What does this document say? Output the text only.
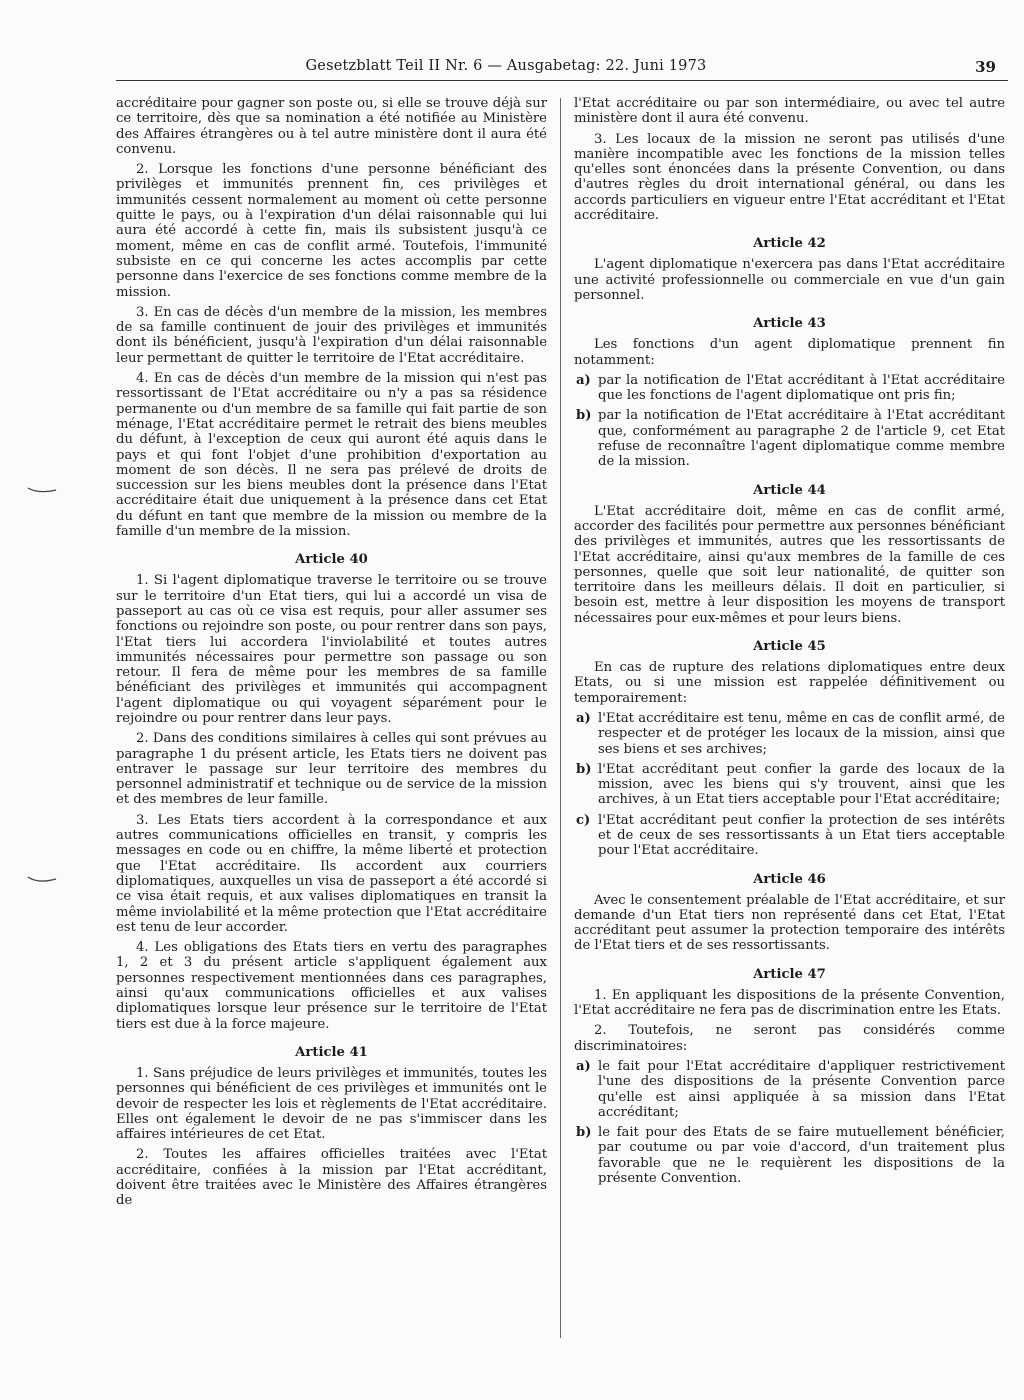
Gesetzblatt Teil II Nr. 6 — Ausgabetag: 22. Juni 1973	39

accréditaire pour gagner son poste ou, si elle se trouve déjà sur ce territoire, dès que sa nomination a été notifiée au Ministère des Affaires étrangères ou à tel autre ministère dont il aura été convenu.

2. Lorsque les fonctions d'une personne bénéficiant des privilèges et immunités prennent fin, ces privilèges et immunités cessent normalement au moment où cette personne quitte le pays, ou à l'expiration d'un délai raisonnable qui lui aura été accordé à cette fin, mais ils subsistent jusqu'à ce moment, même en cas de conflit armé. Toutefois, l'immunité subsiste en ce qui concerne les actes accomplis par cette personne dans l'exercice de ses fonctions comme membre de la mission.

3. En cas de décès d'un membre de la mission, les membres de sa famille continuent de jouir des privilèges et immunités dont ils bénéficient, jusqu'à l'expiration d'un délai raisonnable leur permettant de quitter le territoire de l'Etat accréditaire.

4. En cas de décès d'un membre de la mission qui n'est pas ressortissant de l'Etat accréditaire ou n'y a pas sa résidence permanente ou d'un membre de sa famille qui fait partie de son ménage, l'Etat accréditaire permet le retrait des biens meubles du défunt, à l'exception de ceux qui auront été aquis dans le pays et qui font l'objet d'une prohibition d'exportation au moment de son décès. Il ne sera pas prélevé de droits de succession sur les biens meubles dont la présence dans l'Etat accréditaire était due uniquement à la présence dans cet Etat du défunt en tant que membre de la mission ou membre de la famille d'un membre de la mission.

Article 40

1. Si l'agent diplomatique traverse le territoire ou se trouve sur le territoire d'un Etat tiers, qui lui a accordé un visa de passeport au cas où ce visa est requis, pour aller assumer ses fonctions ou rejoindre son poste, ou pour rentrer dans son pays, l'Etat tiers lui accordera l'inviolabilité et toutes autres immunités nécessaires pour permettre son passage ou son retour. Il fera de même pour les membres de sa famille bénéficiant des privilèges et immunités qui accompagnent l'agent diplomatique ou qui voyagent séparément pour le rejoindre ou pour rentrer dans leur pays.

2. Dans des conditions similaires à celles qui sont prévues au paragraphe 1 du présent article, les Etats tiers ne doivent pas entraver le passage sur leur territoire des membres du personnel administratif et technique ou de service de la mission et des membres de leur famille.

3. Les Etats tiers accordent à la correspondance et aux autres communications officielles en transit, y compris les messages en code ou en chiffre, la même liberté et protection que l'Etat accréditaire. Ils accordent aux courriers diplomatiques, auxquelles un visa de passeport a été accordé si ce visa était requis, et aux valises diplomatiques en transit la même inviolabilité et la même protection que l'Etat accréditaire est tenu de leur accorder.

4. Les obligations des Etats tiers en vertu des paragraphes 1, 2 et 3 du présent article s'appliquent également aux personnes respectivement mentionnées dans ces paragraphes, ainsi qu'aux communications officielles et aux valises diplomatiques lorsque leur présence sur le territoire de l'Etat tiers est due à la force majeure.

Article 41

1. Sans préjudice de leurs privilèges et immunités, toutes les personnes qui bénéficient de ces privilèges et immunités ont le devoir de respecter les lois et règlements de l'Etat accréditaire. Elles ont également le devoir de ne pas s'immiscer dans les affaires intérieures de cet Etat.

2. Toutes les affaires officielles traitées avec l'Etat accréditaire, confiées à la mission par l'Etat accréditant, doivent être traitées avec le Ministère des Affaires étrangères de

l'Etat accréditaire ou par son intermédiaire, ou avec tel autre ministère dont il aura été convenu.

3. Les locaux de la mission ne seront pas utilisés d'une manière incompatible avec les fonctions de la mission telles qu'elles sont énoncées dans la présente Convention, ou dans d'autres règles du droit international général, ou dans les accords particuliers en vigueur entre l'Etat accréditant et l'Etat accréditaire.

Article 42

L'agent diplomatique n'exercera pas dans l'Etat accréditaire une activité professionnelle ou commerciale en vue d'un gain personnel.

Article 43

Les fonctions d'un agent diplomatique prennent fin notamment:

a) par la notification de l'Etat accréditant à l'Etat accréditaire que les fonctions de l'agent diplomatique ont pris fin;
b) par la notification de l'Etat accréditaire à l'Etat accréditant que, conformément au paragraphe 2 de l'article 9, cet Etat refuse de reconnaître l'agent diplomatique comme membre de la mission.
Article 44

L'Etat accréditaire doit, même en cas de conflit armé, accorder des facilités pour permettre aux personnes bénéficiant des privilèges et immunités, autres que les ressortissants de l'Etat accréditaire, ainsi qu'aux membres de la famille de ces personnes, quelle que soit leur nationalité, de quitter son territoire dans les meilleurs délais. Il doit en particulier, si besoin est, mettre à leur disposition les moyens de transport nécessaires pour eux-mêmes et pour leurs biens.

Article 45

En cas de rupture des relations diplomatiques entre deux Etats, ou si une mission est rappelée définitivement ou temporairement:

a) l'Etat accréditaire est tenu, même en cas de conflit armé, de respecter et de protéger les locaux de la mission, ainsi que ses biens et ses archives;
b) l'Etat accréditant peut confier la garde des locaux de la mission, avec les biens qui s'y trouvent, ainsi que les archives, à un Etat tiers acceptable pour l'Etat accréditaire;
c) l'Etat accréditant peut confier la protection de ses intérêts et de ceux de ses ressortissants à un Etat tiers acceptable pour l'Etat accréditaire.
Article 46

Avec le consentement préalable de l'Etat accréditaire, et sur demande d'un Etat tiers non représenté dans cet Etat, l'Etat accréditant peut assumer la protection temporaire des intérêts de l'Etat tiers et de ses ressortissants.

Article 47

1. En appliquant les dispositions de la présente Convention, l'Etat accréditaire ne fera pas de discrimination entre les Etats.

2. Toutefois, ne seront pas considérés comme discriminatoires:

a) le fait pour l'Etat accréditaire d'appliquer restrictivement l'une des dispositions de la présente Convention parce qu'elle est ainsi appliquée à sa mission dans l'Etat accréditant;
b) le fait pour des Etats de se faire mutuellement bénéficier, par coutume ou par voie d'accord, d'un traitement plus favorable que ne le requièrent les dispositions de la présente Convention.
